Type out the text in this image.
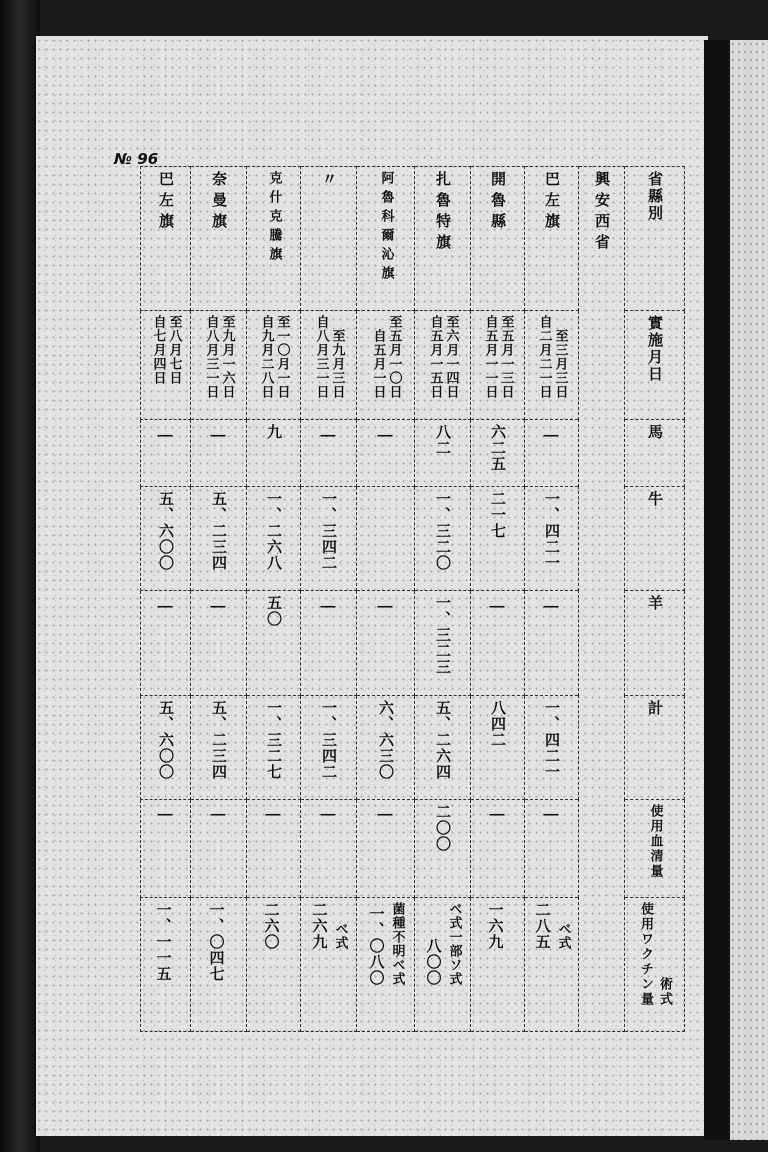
№ 96
巴左旗	奈曼旗	克什克騰旗	〃	阿魯科爾沁旗	扎魯特旗	開魯縣	巴左旗	興安西省	省縣別
自七月四日至八月七日	自八月三一日至九月一六日	自九月二八日至一〇月一日	自八月三一日至九月三日	自五月一日至五月一〇日	自五月一五日至六月一四日	自五月一一日至五月一三日	自二月二一日至三月三日		實施月日
|	|	九	|	|	八二	六二五	|		馬
五、六〇〇	五、二三四	一、二六八	一、三四二		一、三二〇	二一七	一、四二一		牛
|	|	五〇	|	|	一、三二三	|	|		羊
五、六〇〇	五、二三四	一、三二七	一、三四二	六、六三〇	五、二六四	八四二	一、四二一		計
|	|	|	|	|	二〇〇	|	|		使用血清量
一、一一五	一、〇四七	二六〇	二六九 ベ式	一、〇八〇 菌種不明ベ式	八〇〇 ベ式一部ソ式	一六九	二八五 ベ式		使用ワクチン量 術式
